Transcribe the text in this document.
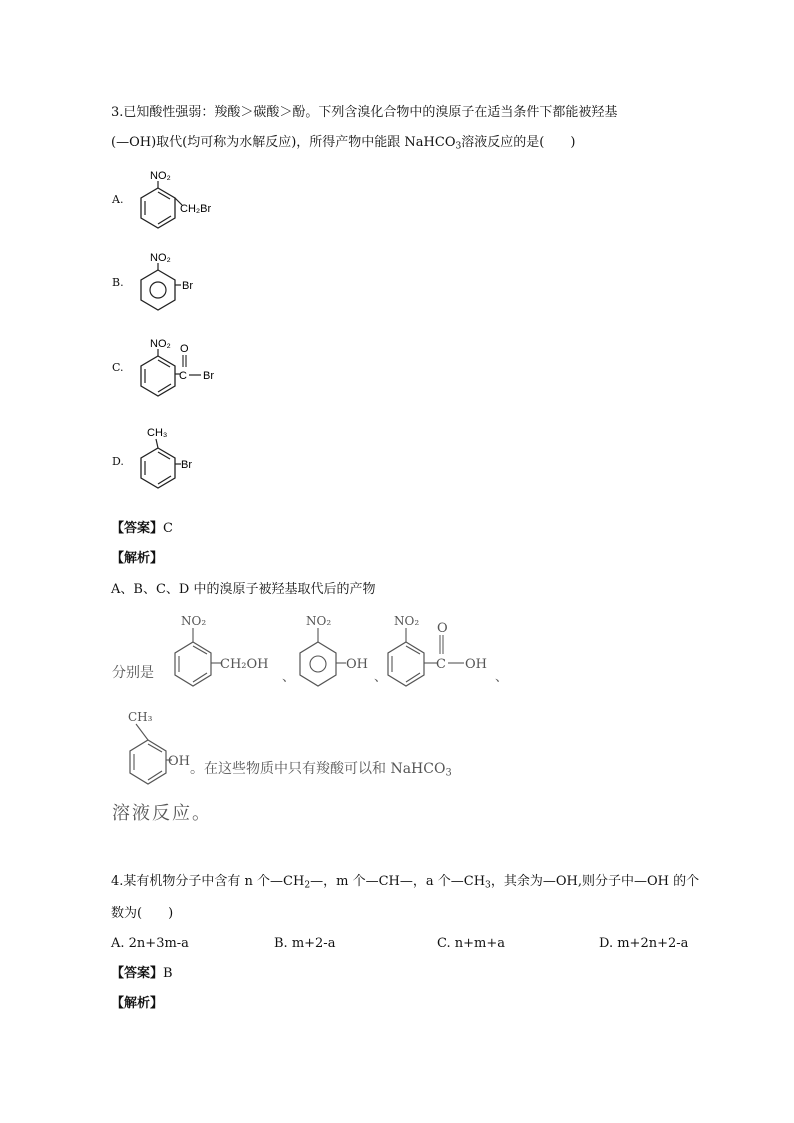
3.已知酸性强弱：羧酸＞碳酸＞酚。下列含溴化合物中的溴原子在适当条件下都能被羟基
(—OH)取代(均可称为水解反应)，所得产物中能跟 NaHCO$_3$溶液反应的是(　　)
A.
NO₂
CH₂Br
B.
NO₂
Br
C.
NO₂
C
O
Br
D.
CH₃
Br
【答案】C
【解析】
A、B、C、D 中的溴原子被羟基取代后的产物
分别是
NO₂
CH₂OH
、
NO₂
OH
、
NO₂
C
O
OH
、
CH₃
OH 。在这些物质中只有羧酸可以和 NaHCO$_3$
溶液反应。
4.某有机物分子中含有 n 个$—CH_2—$，m 个—CH—，a 个$—CH_3$，其余为—OH,则分子中—OH 的个
数为(　　)
A. 2n+3m-a	B. m+2-a	C. n+m+a	D. m+2n+2-a
【答案】B
【解析】
